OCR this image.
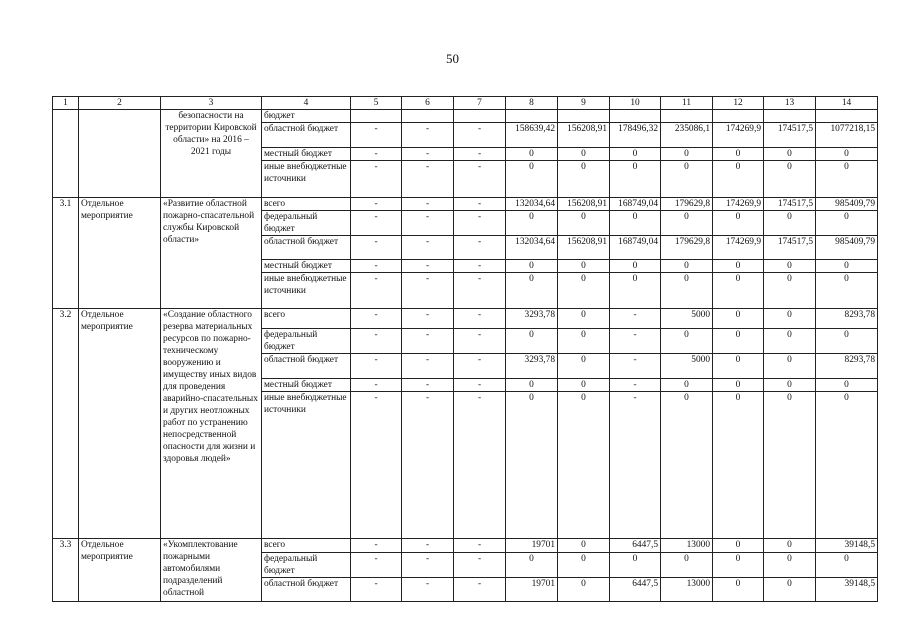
50
1	2	3	4	5	6	7	8	9	10	11	12	13	14
		безопасности на территории Кировской области» на 2016 – 2021 годы	бюджет										
			областной бюджет	-	-	-	158639,42	156208,91	178496,32	235086,1	174269,9	174517,5	1077218,15
			местный бюджет	-	-	-	0	0	0	0	0	0	0
			иные внебюджетные источники	-	-	-	0	0	0	0	0	0	0
3.1	Отдельное мероприятие	«Развитие областной пожарно-спасательной службы Кировской области»	всего	-	-	-	132034,64	156208,91	168749,04	179629,8	174269,9	174517,5	985409,79
			федеральный бюджет	-	-	-	0	0	0	0	0	0	0
			областной бюджет	-	-	-	132034,64	156208,91	168749,04	179629,8	174269,9	174517,5	985409,79
			местный бюджет	-	-	-	0	0	0	0	0	0	0
			иные внебюджетные источники	-	-	-	0	0	0	0	0	0	0
3.2	Отдельное мероприятие	«Создание областного резерва материальных ресурсов по пожарно-техническому вооружению и имуществу иных видов для проведения аварийно-спасательных и других неотложных работ по устранению непосредственной опасности для жизни и здоровья людей»	всего	-	-	-	3293,78	0	-	5000	0	0	8293,78
			федеральный бюджет	-	-	-	0	0	-	0	0	0	0
			областной бюджет	-	-	-	3293,78	0	-	5000	0	0	8293,78
			местный бюджет	-	-	-	0	0	-	0	0	0	0
			иные внебюджетные источники	-	-	-	0	0	-	0	0	0	0
3.3	Отдельное мероприятие	«Укомплектование пожарными автомобилями подразделений областной	всего	-	-	-	19701	0	6447,5	13000	0	0	39148,5
			федеральный бюджет	-	-	-	0	0	0	0	0	0	0
			областной бюджет	-	-	-	19701	0	6447,5	13000	0	0	39148,5
